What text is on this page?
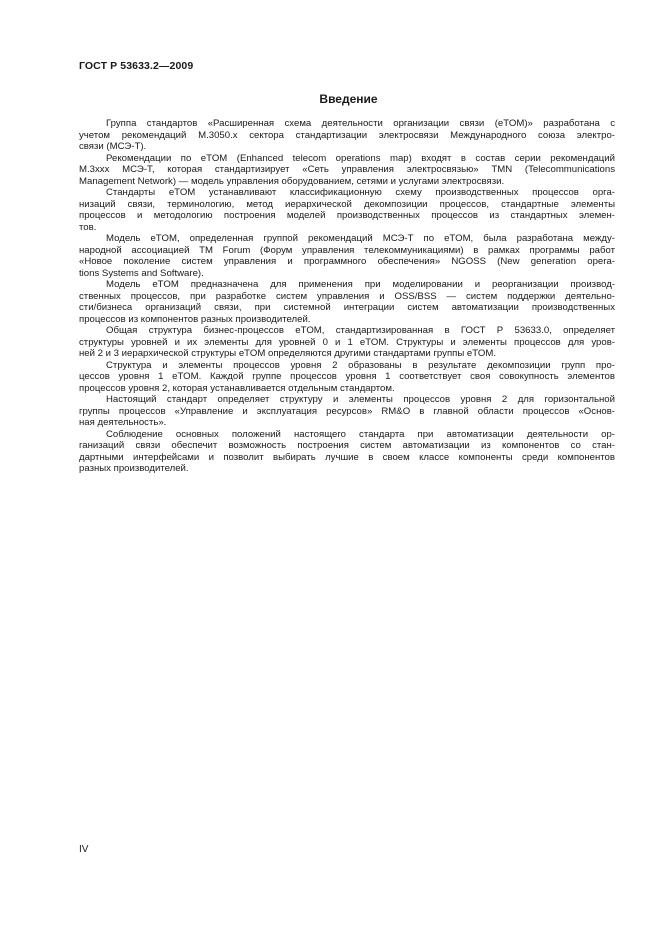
ГОСТ Р 53633.2—2009
Введение
Группа стандартов «Расширенная схема деятельности организации связи (eTOM)» разработана с
учетом рекомендаций М.3050.х сектора стандартизации электросвязи Международного союза электро-
связи (МСЭ-Т).
Рекомендации по eTOM (Enhanced telecom operations map) входят в состав серии рекомендаций
М.3ххх МСЭ-Т, которая стандартизирует «Сеть управления электросвязью» TMN (Telecommunications
Management Network) — модель управления оборудованием, сетями и услугами электросвязи.
Стандарты eTOM устанавливают классификационную схему производственных процессов орга-
низаций связи, терминологию, метод иерархической декомпозиции процессов, стандартные элементы
процессов и методологию построения моделей производственных процессов из стандартных элемен-
тов.
Модель eTOM, определенная группой рекомендаций МСЭ-Т по eTOM, была разработана между-
народной ассоциацией TM Forum (Форум управления телекоммуникациями) в рамках программы работ
«Новое поколение систем управления и программного обеспечения» NGOSS (New generation opera-
tions Systems and Software).
Модель eTOM предназначена для применения при моделировании и реорганизации производ-
ственных процессов, при разработке систем управления и OSS/BSS — систем поддержки деятельно-
сти/бизнеса организаций связи, при системной интеграции систем автоматизации производственных
процессов из компонентов разных производителей.
Общая структура бизнес-процессов eTOM, стандартизированная в ГОСТ Р 53633.0, определяет
структуры уровней и их элементы для уровней 0 и 1 eTOM. Структуры и элементы процессов для уров-
ней 2 и 3 иерархической структуры eTOM определяются другими стандартами группы eTOM.
Структура и элементы процессов уровня 2 образованы в результате декомпозиции групп про-
цессов уровня 1 eTOM. Каждой группе процессов уровня 1 соответствует своя совокупность элементов
процессов уровня 2, которая устанавливается отдельным стандартом.
Настоящий стандарт определяет структуру и элементы процессов уровня 2 для горизонтальной
группы процессов «Управление и эксплуатация ресурсов» RM&O в главной области процессов «Основ-
ная деятельность».
Соблюдение основных положений настоящего стандарта при автоматизации деятельности ор-
ганизаций связи обеспечит возможность построения систем автоматизации из компонентов со стан-
дартными интерфейсами и позволит выбирать лучшие в своем классе компоненты среди компонентов
разных производителей.
IV
